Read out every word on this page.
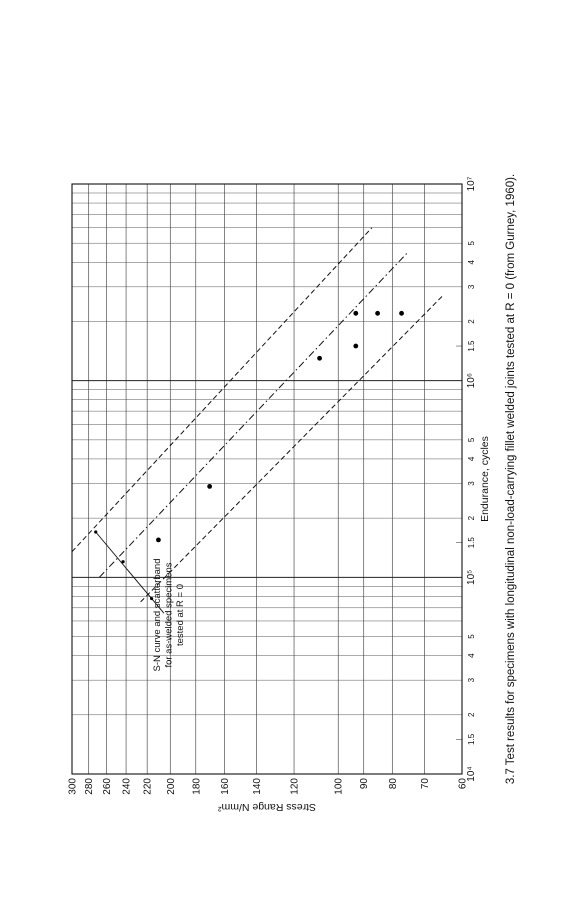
60
70
80
90
100
120
140
160
180
200
220
240
260
280
300
10⁴
1.5
2
3
4
5
10⁵
1.5
2
3
4
5
10⁶
1.5
2
3
4
5
10⁷
Endurance, cycles
Stress Range N/mm²
S-N curve and scatterband for as-welded specimens tested at R = 0	3.7 Test results for specimens with longitudinal non-load-carrying fillet welded joints tested at R = 0 (from Gurney, 1960).
